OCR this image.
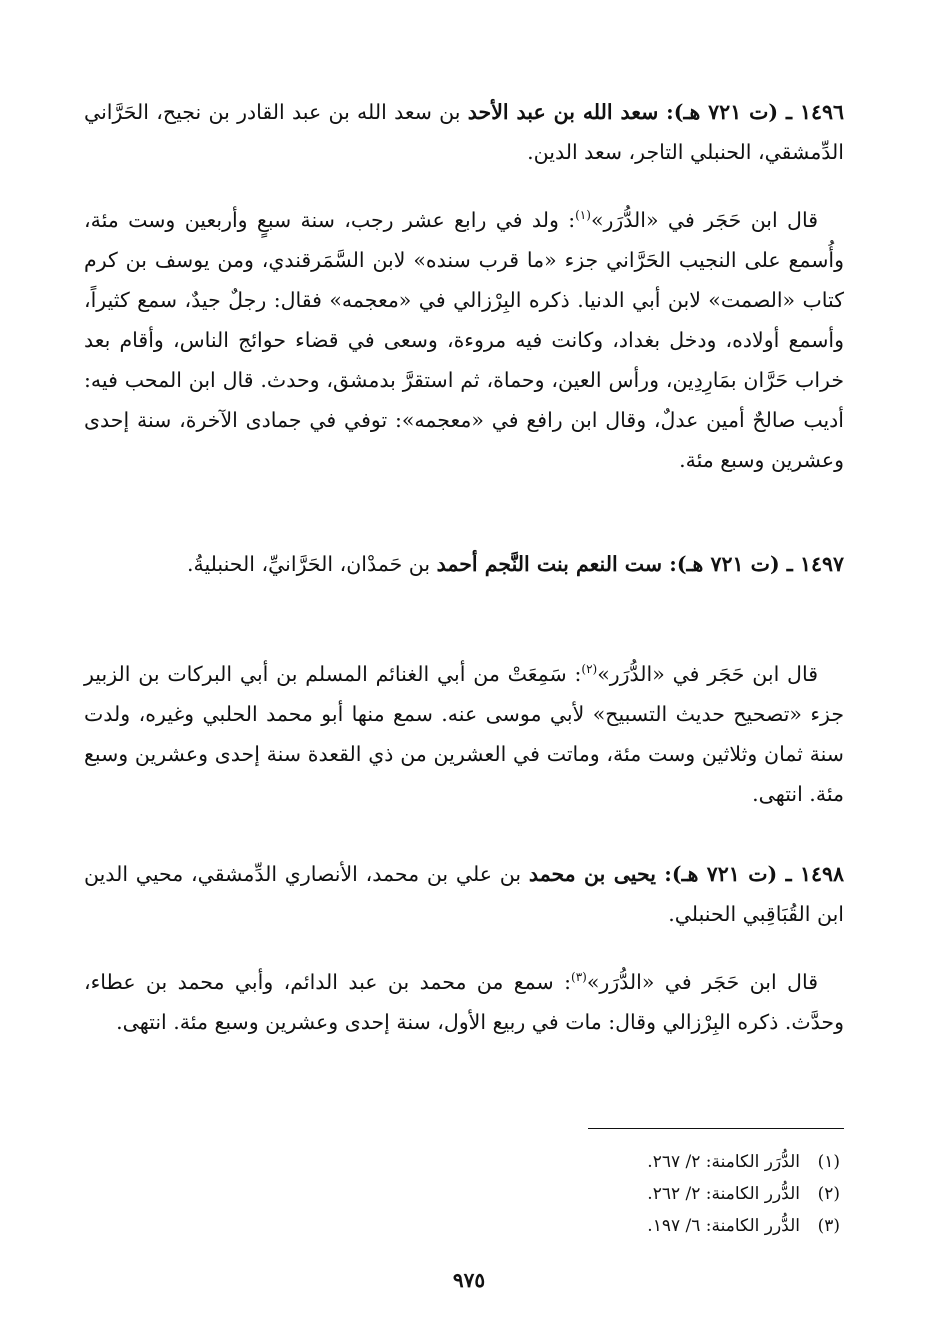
١٤٩٦ ـ (ت ٧٢١ هـ): سعد الله بن عبد الأحد بن سعد الله بن عبد القادر بن نجيح، الحَرَّاني الدِّمشقي، الحنبلي التاجر، سعد الدين.
قال ابن حَجَر في «الدُّرَر»$^{(١)}$: ولد في رابع عشر رجب، سنة سبعٍ وأربعين وست مئة، وأُسمع على النجيب الحَرَّاني جزء «ما قرب سنده» لابن السَّمَرقندي، ومن يوسف بن كرم كتاب «الصمت» لابن أبي الدنيا. ذكره البِرْزالي في «معجمه» فقال: رجلٌ جيدٌ، سمع كثيراً، وأسمع أولاده، ودخل بغداد، وكانت فيه مروءة، وسعى في قضاء حوائج الناس، وأقام بعد خراب حَرَّان بمَارِدِين، ورأس العين، وحماة، ثم استقرَّ بدمشق، وحدث. قال ابن المحب فيه: أديب صالحٌ أمين عدلٌ، وقال ابن رافع في «معجمه»: توفي في جمادى الآخرة، سنة إحدى وعشرين وسبع مئة.
١٤٩٧ ـ (ت ٧٢١ هـ): ست النعم بنت النَّجم أحمد بن حَمدْان، الحَرَّانيِّ، الحنبليةُ.
قال ابن حَجَر في «الدُّرَر»$^{(٢)}$: سَمِعَتْ من أبي الغنائم المسلم بن أبي البركات بن الزبير جزء «تصحيح حديث التسبيح» لأبي موسى عنه. سمع منها أبو محمد الحلبي وغيره، ولدت سنة ثمان وثلاثين وست مئة، وماتت في العشرين من ذي القعدة سنة إحدى وعشرين وسبع مئة. انتهى.
١٤٩٨ ـ (ت ٧٢١ هـ): يحيى بن محمد بن علي بن محمد، الأنصاري الدِّمشقي، محيي الدين ابن القُبَاقِبي الحنبلي.
قال ابن حَجَر في «الدُّرَر»$^{(٣)}$: سمع من محمد بن عبد الدائم، وأبي محمد بن عطاء، وحدَّث. ذكره البِرْزالي وقال: مات في ربيع الأول، سنة إحدى وعشرين وسبع مئة. انتهى.
(١)الدُّرَر الكامنة: ٢/ ٢٦٧.
(٢)الدُّرر الكامنة: ٢/ ٢٦٢.
(٣)الدُّرر الكامنة: ٦/ ١٩٧.
٩٧٥
